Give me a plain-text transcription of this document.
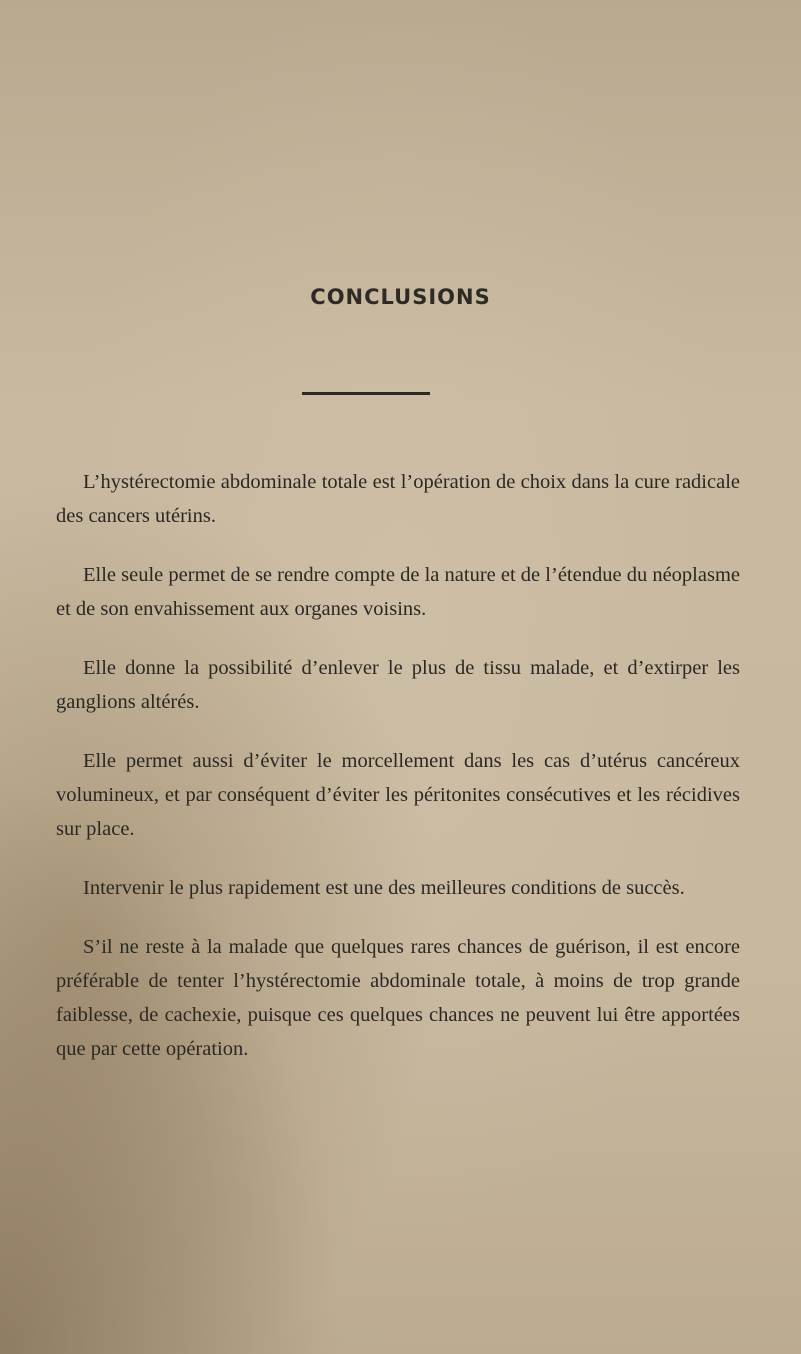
CONCLUSIONS

L’hystérectomie abdominale totale est l’opération de choix dans la cure radicale des cancers utérins.

Elle seule permet de se rendre compte de la nature et de l’étendue du néoplasme et de son envahissement aux organes voisins.

Elle donne la possibilité d’enlever le plus de tissu malade, et d’extirper les ganglions altérés.

Elle permet aussi d’éviter le morcellement dans les cas d’utérus cancéreux volumineux, et par conséquent d’éviter les péritonites consécutives et les récidives sur place.

Intervenir le plus rapidement est une des meilleures conditions de succès.

S’il ne reste à la malade que quelques rares chances de guérison, il est encore préférable de tenter l’hystérectomie abdominale totale, à moins de trop grande faiblesse, de cachexie, puisque ces quelques chances ne peuvent lui être apportées que par cette opération.
